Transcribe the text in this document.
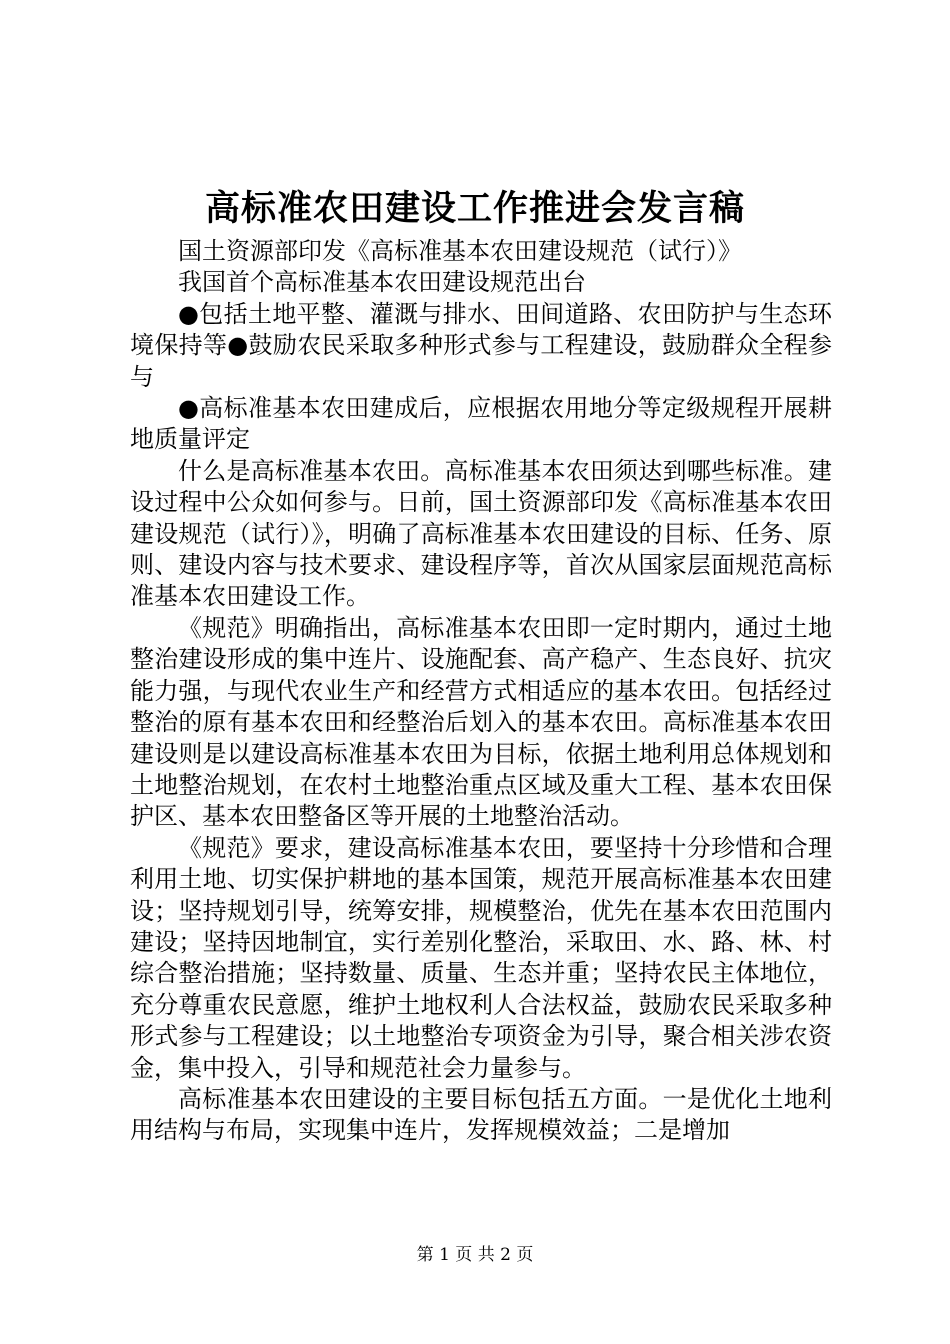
高标准农田建设工作推进会发言稿

国土资源部印发《高标准基本农田建设规范（试行）》

我国首个高标准基本农田建设规范出台

●包括土地平整、灌溉与排水、田间道路、农田防护与生态环境保持等●鼓励农民采取多种形式参与工程建设，鼓励群众全程参与

●高标准基本农田建成后，应根据农用地分等定级规程开展耕地质量评定

什么是高标准基本农田。高标准基本农田须达到哪些标准。建设过程中公众如何参与。日前，国土资源部印发《高标准基本农田建设规范（试行）》，明确了高标准基本农田建设的目标、任务、原则、建设内容与技术要求、建设程序等，首次从国家层面规范高标准基本农田建设工作。

《规范》明确指出，高标准基本农田即一定时期内，通过土地整治建设形成的集中连片、设施配套、高产稳产、生态良好、抗灾能力强，与现代农业生产和经营方式相适应的基本农田。包括经过整治的原有基本农田和经整治后划入的基本农田。高标准基本农田建设则是以建设高标准基本农田为目标，依据土地利用总体规划和土地整治规划，在农村土地整治重点区域及重大工程、基本农田保护区、基本农田整备区等开展的土地整治活动。

《规范》要求，建设高标准基本农田，要坚持十分珍惜和合理利用土地、切实保护耕地的基本国策，规范开展高标准基本农田建设；坚持规划引导，统筹安排，规模整治，优先在基本农田范围内建设；坚持因地制宜，实行差别化整治，采取田、水、路、林、村综合整治措施；坚持数量、质量、生态并重；坚持农民主体地位，充分尊重农民意愿，维护土地权利人合法权益，鼓励农民采取多种形式参与工程建设；以土地整治专项资金为引导，聚合相关涉农资金，集中投入，引导和规范社会力量参与。

高标准基本农田建设的主要目标包括五方面。一是优化土地利用结构与布局，实现集中连片，发挥规模效益；二是增加

第 1 页 共 2 页
